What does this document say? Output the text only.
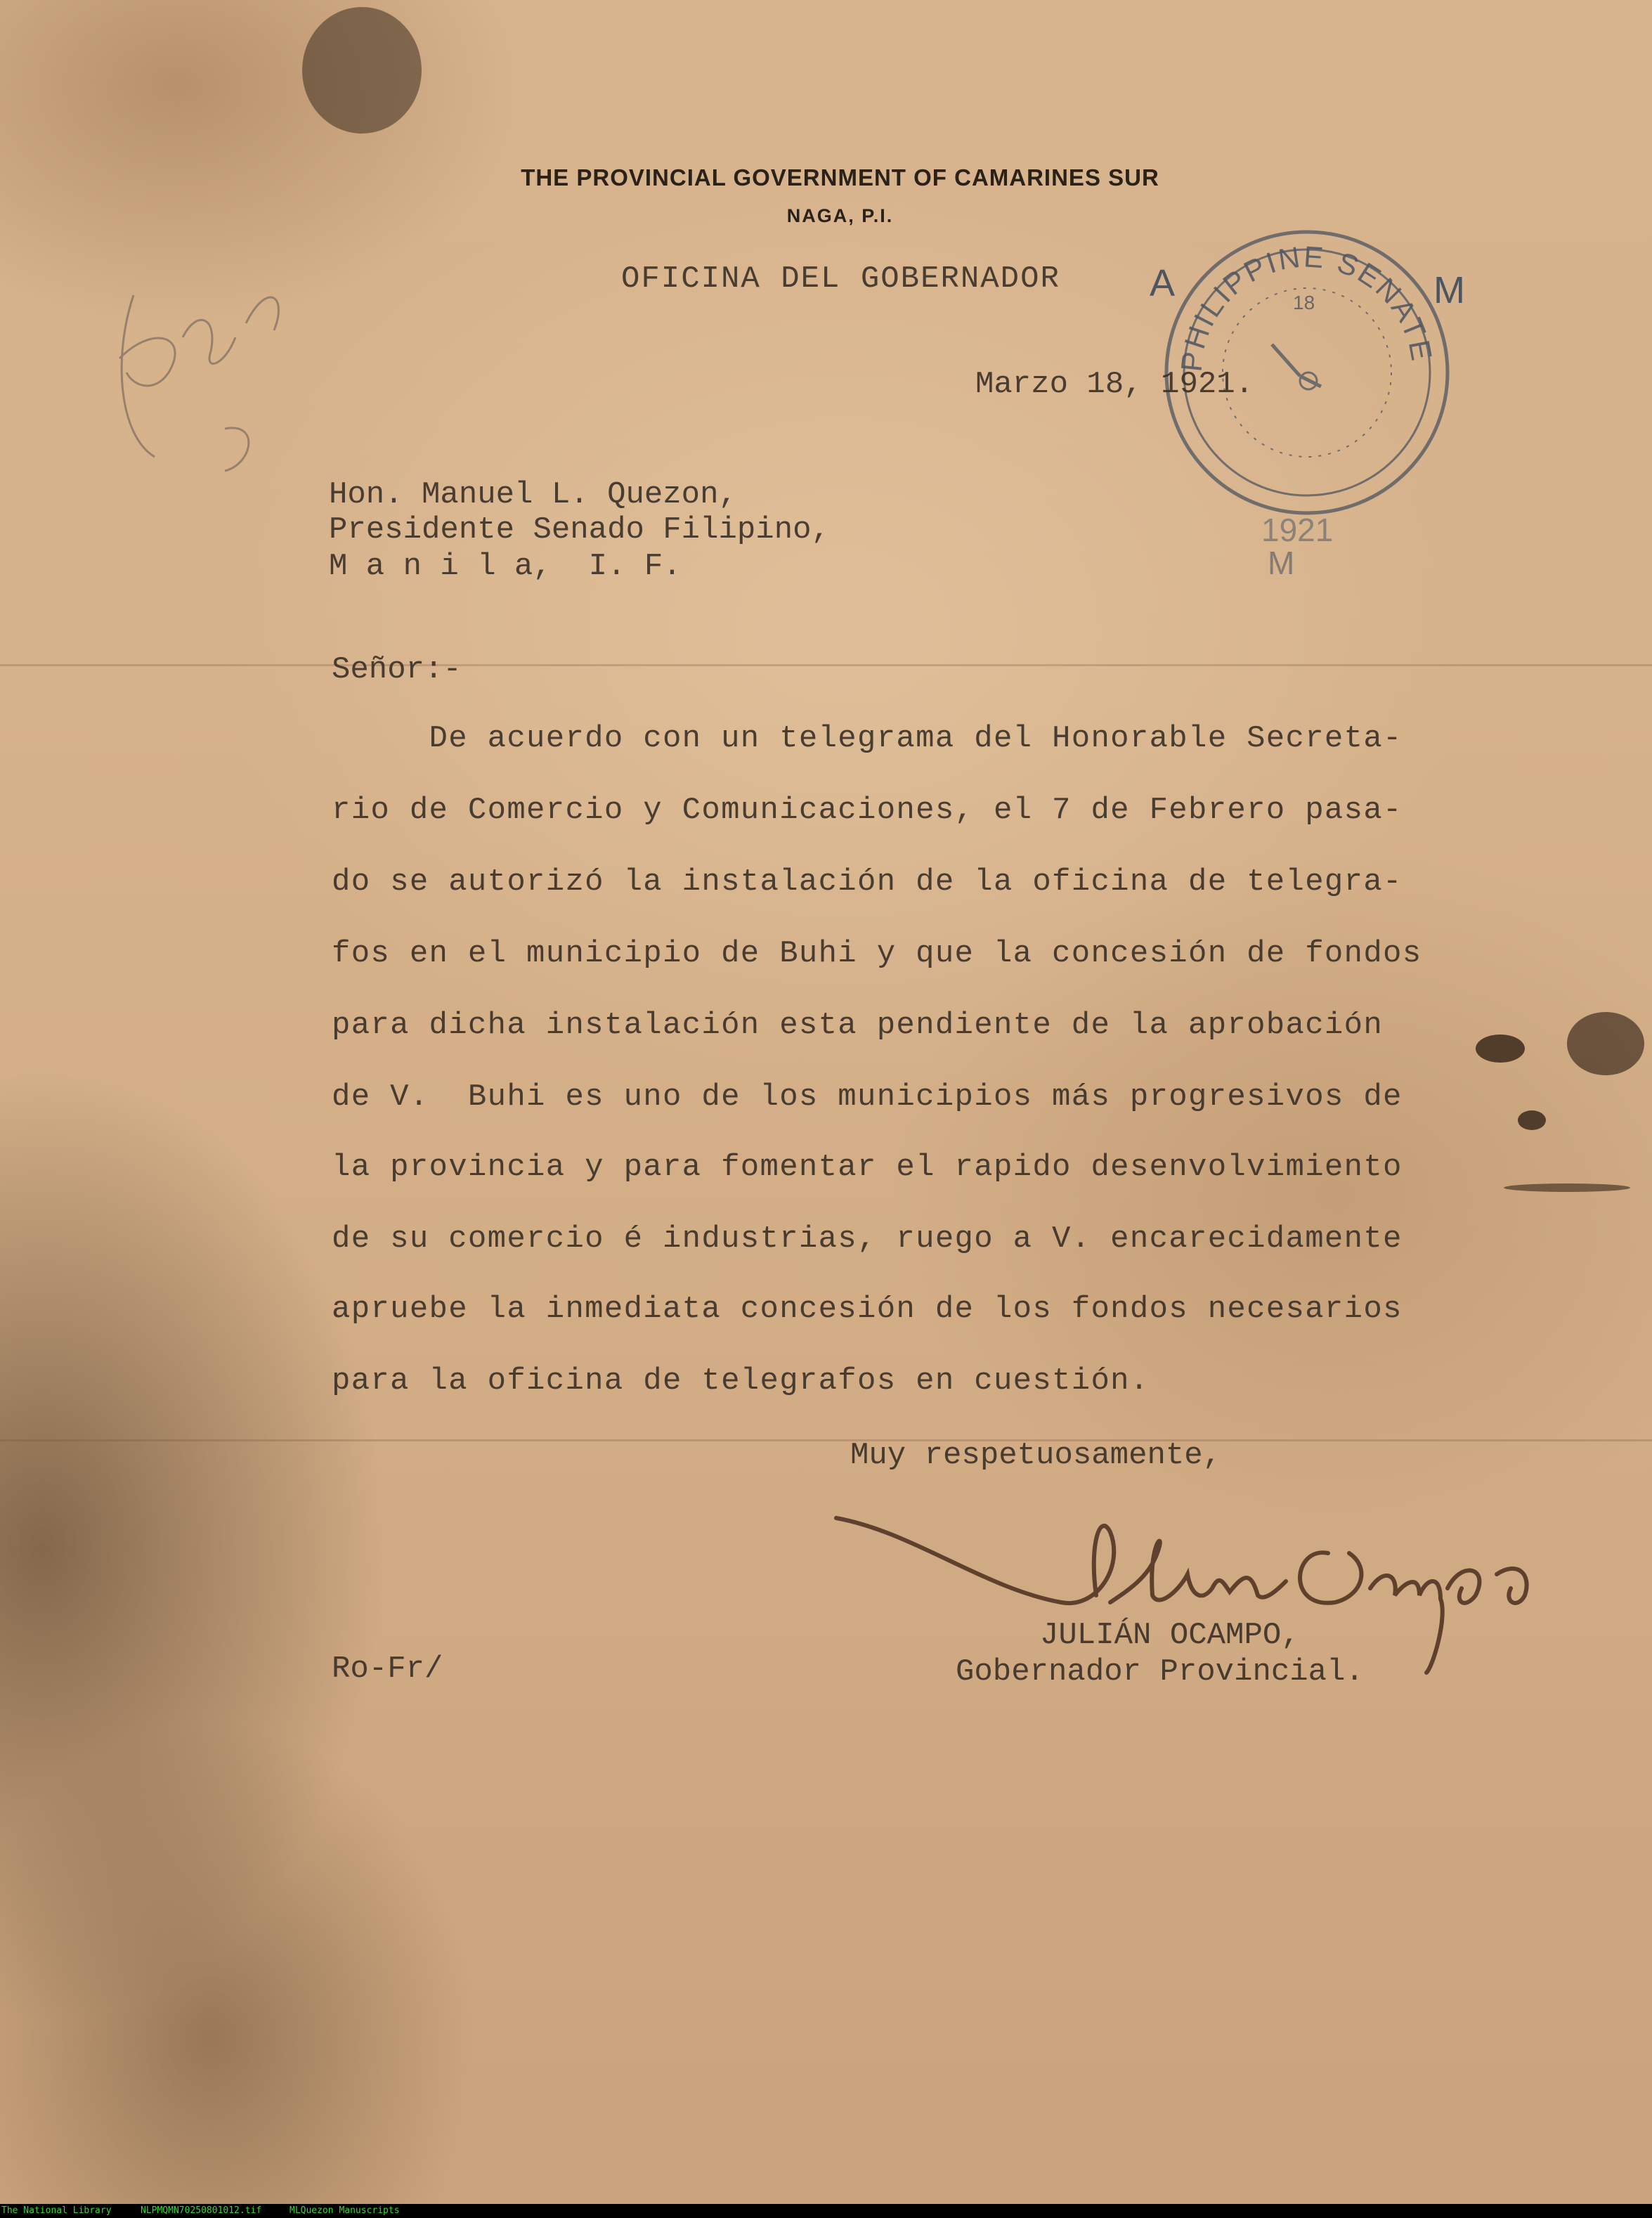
THE PROVINCIAL GOVERNMENT OF CAMARINES SUR
NAGA, P.I.
OFICINA DEL GOBERNADOR A	M
PHILIPPINE SENATE
18
1921
M
Marzo 18, 1921.
Hon. Manuel L. Quezon,
Presidente Senado Filipino,
M a n i l a,  I. F.
Señor:-
De acuerdo con un telegrama del Honorable Secreta-
rio de Comercio y Comunicaciones, el 7 de Febrero pasa-
do se autorizó la instalación de la oficina de telegra-
fos en el municipio de Buhi y que la concesión de fondos
para dicha instalación esta pendiente de la aprobación
de V.  Buhi es uno de los municipios más progresivos de
la provincia y para fomentar el rapido desenvolvimiento
de su comercio é industrias, ruego a V. encarecidamente
apruebe la inmediata concesión de los fondos necesarios
para la oficina de telegrafos en cuestión.
Muy respetuosamente,
JULIÁN OCAMPO,
Gobernador Provincial.
Ro-Fr/
The National Library	NLPMQMN70250801012.tif	MLQuezon Manuscripts
